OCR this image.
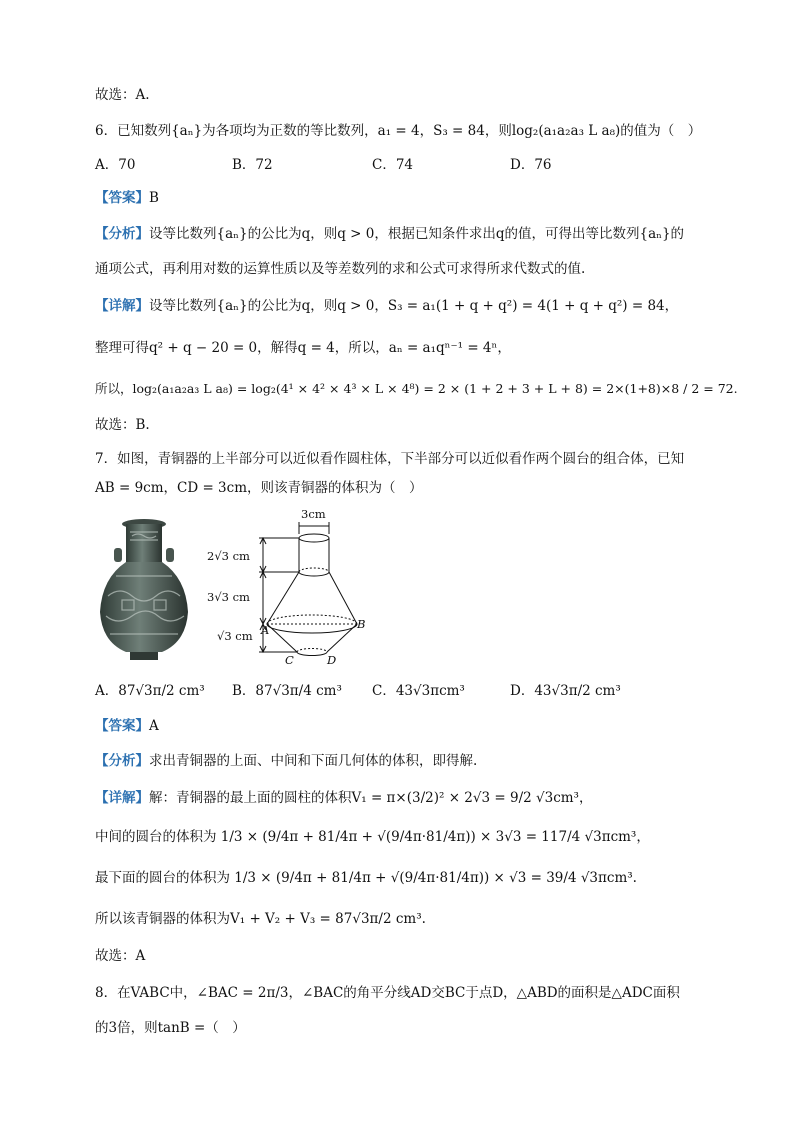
故选：A.
6．已知数列{aₙ}为各项均为正数的等比数列，a₁ = 4，S₃ = 84，则log₂(a₁a₂a₃ L a₈)的值为（　）
A．70	B．72	C．74	D．76
【答案】B
【分析】设等比数列{aₙ}的公比为q，则q > 0，根据已知条件求出q的值，可得出等比数列{aₙ}的
通项公式，再利用对数的运算性质以及等差数列的求和公式可求得所求代数式的值.
【详解】设等比数列{aₙ}的公比为q，则q > 0，S₃ = a₁(1 + q + q²) = 4(1 + q + q²) = 84，
整理可得q² + q − 20 = 0，解得q = 4，所以，aₙ = a₁qⁿ⁻¹ = 4ⁿ，
所以，log₂(a₁a₂a₃ L a₈) = log₂(4¹ × 4² × 4³ × L × 4⁸) = 2 × (1 + 2 + 3 + L + 8) = 2×(1+8)×8 / 2 = 72.
故选：B.
7．如图，青铜器的上半部分可以近似看作圆柱体，下半部分可以近似看作两个圆台的组合体，已知
AB = 9cm，CD = 3cm，则该青铜器的体积为（　）
3cm
2√3 cm
3√3 cm
√3 cm A	B
C	D
A．87√3π/2 cm³ B．87√3π/4 cm³ C．43√3πcm³	D．43√3π/2 cm³
【答案】A
【分析】求出青铜器的上面、中间和下面几何体的体积，即得解.
【详解】解：青铜器的最上面的圆柱的体积V₁ = π×(3/2)² × 2√3 = 9/2 √3cm³，
中间的圆台的体积为 1/3 × (9/4π + 81/4π + √(9/4π·81/4π)) × 3√3 = 117/4 √3πcm³，
最下面的圆台的体积为 1/3 × (9/4π + 81/4π + √(9/4π·81/4π)) × √3 = 39/4 √3πcm³.
所以该青铜器的体积为V₁ + V₂ + V₃ = 87√3π/2 cm³.
故选：A
8．在VABC中，∠BAC = 2π/3，∠BAC的角平分线AD交BC于点D，△ABD的面积是△ADC面积
的3倍，则tanB =（　）
